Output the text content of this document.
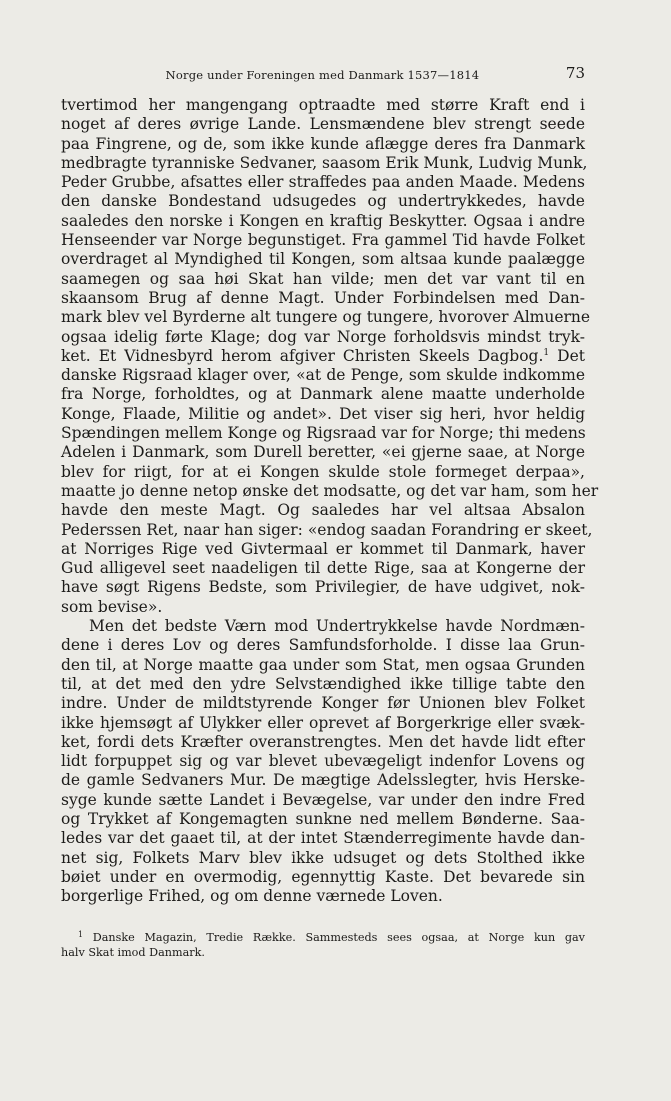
Norge under Foreningen med Danmark 1537—1814	73
tvertimod her mangengang optraadte med større Kraft end i
noget af deres øvrige Lande. Lensmændene blev strengt seede
paa Fingrene, og de, som ikke kunde aflægge deres fra Danmark
medbragte tyranniske Sedvaner, saasom Erik Munk, Ludvig Munk,
Peder Grubbe, afsattes eller straffedes paa anden Maade. Medens
den danske Bondestand udsugedes og undertrykkedes, havde
saaledes den norske i Kongen en kraftig Beskytter. Ogsaa i andre
Henseender var Norge begunstiget. Fra gammel Tid havde Folket
overdraget al Myndighed til Kongen, som altsaa kunde paalægge
saamegen og saa høi Skat han vilde; men det var vant til en
skaansom Brug af denne Magt. Under Forbindelsen med Dan-
mark blev vel Byrderne alt tungere og tungere, hvorover Almuerne
ogsaa idelig førte Klage; dog var Norge forholdsvis mindst tryk-
ket. Et Vidnesbyrd herom afgiver Christen Skeels Dagbog.$^1$ Det
danske Rigsraad klager over, «at de Penge, som skulde indkomme
fra Norge, forholdtes, og at Danmark alene maatte underholde
Konge, Flaade, Militie og andet». Det viser sig heri, hvor heldig
Spændingen mellem Konge og Rigsraad var for Norge; thi medens
Adelen i Danmark, som Durell beretter, «ei gjerne saae, at Norge
blev for riigt, for at ei Kongen skulde stole formeget derpaa»,
maatte jo denne netop ønske det modsatte, og det var ham, som her
havde den meste Magt. Og saaledes har vel altsaa Absalon
Pederssen Ret, naar han siger: «endog saadan Forandring er skeet,
at Norriges Rige ved Givtermaal er kommet til Danmark, haver
Gud alligevel seet naadeligen til dette Rige, saa at Kongerne der
have søgt Rigens Bedste, som Privilegier, de have udgivet, nok-
som bevise».
Men det bedste Værn mod Undertrykkelse havde Nordmæn-
dene i deres Lov og deres Samfundsforholde. I disse laa Grun-
den til, at Norge maatte gaa under som Stat, men ogsaa Grunden
til, at det med den ydre Selvstændighed ikke tillige tabte den
indre. Under de mildtstyrende Konger før Unionen blev Folket
ikke hjemsøgt af Ulykker eller oprevet af Borgerkrige eller svæk-
ket, fordi dets Kræfter overanstrengtes. Men det havde lidt efter
lidt forpuppet sig og var blevet ubevægeligt indenfor Lovens og
de gamle Sedvaners Mur. De mægtige Adelsslegter, hvis Herske-
syge kunde sætte Landet i Bevægelse, var under den indre Fred
og Trykket af Kongemagten sunkne ned mellem Bønderne. Saa-
ledes var det gaaet til, at der intet Stænderregimente havde dan-
net sig, Folkets Marv blev ikke udsuget og dets Stolthed ikke
bøiet under en overmodig, egennyttig Kaste. Det bevarede sin
borgerlige Frihed, og om denne værnede Loven.
$^1$ Danske Magazin, Tredie Række. Sammesteds sees ogsaa, at Norge kun gav
halv Skat imod Danmark.
